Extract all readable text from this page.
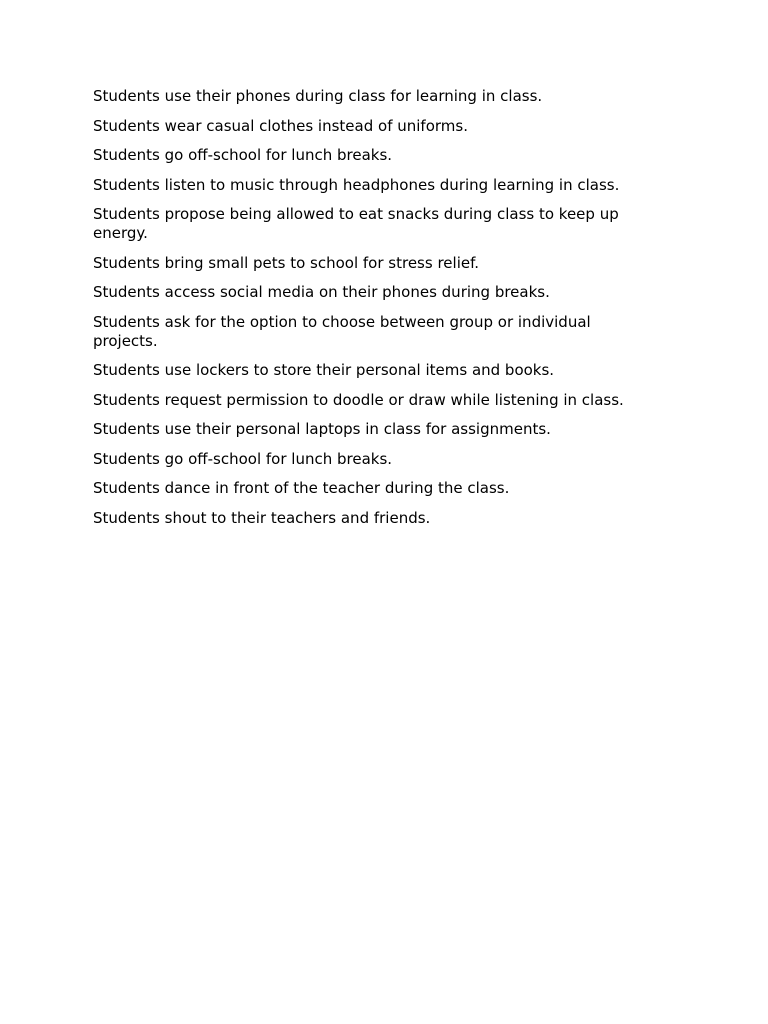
Students use their phones during class for learning in class.

Students wear casual clothes instead of uniforms.

Students go off-school for lunch breaks.

Students listen to music through headphones during learning in class.

Students propose being allowed to eat snacks during class to keep up energy.

Students bring small pets to school for stress relief.

Students access social media on their phones during breaks.

Students ask for the option to choose between group or individual projects.

Students use lockers to store their personal items and books.

Students request permission to doodle or draw while listening in class.

Students use their personal laptops in class for assignments.

Students go off-school for lunch breaks.

Students dance in front of the teacher during the class.

Students shout to their teachers and friends.
